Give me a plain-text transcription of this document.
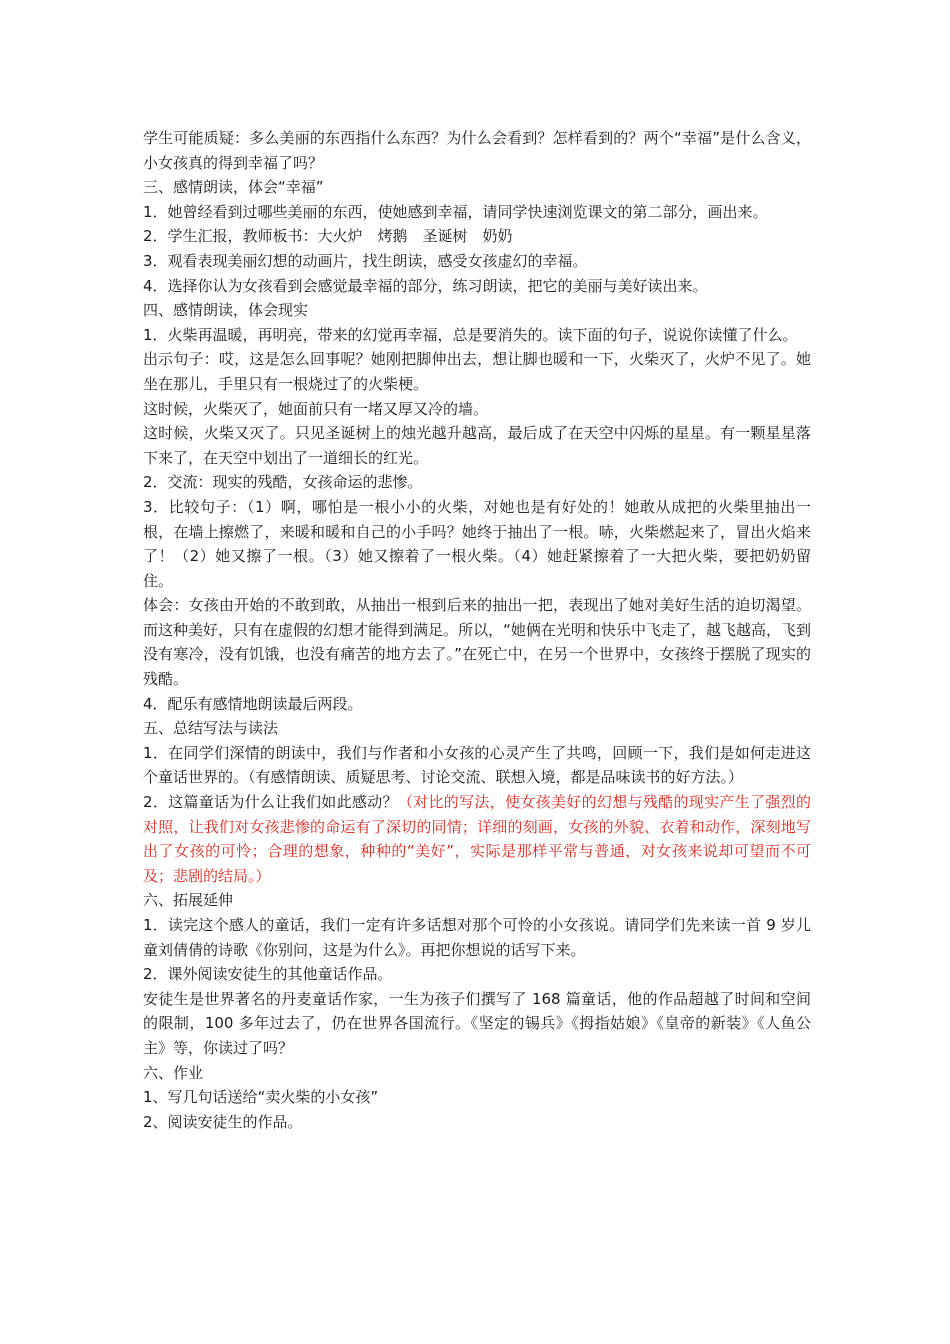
学生可能质疑：多么美丽的东西指什么东西？为什么会看到？怎样看到的？两个“幸福”是什么含义，小女孩真的得到幸福了吗？

三、感情朗读，体会“幸福”

1．她曾经看到过哪些美丽的东西，使她感到幸福，请同学快速浏览课文的第二部分，画出来。

2．学生汇报，教师板书：大火炉　烤鹅　圣诞树　奶奶

3．观看表现美丽幻想的动画片，找生朗读，感受女孩虚幻的幸福。

4．选择你认为女孩看到会感觉最幸福的部分，练习朗读，把它的美丽与美好读出来。

四、感情朗读，体会现实

1．火柴再温暖，再明亮，带来的幻觉再幸福，总是要消失的。读下面的句子，说说你读懂了什么。

出示句子：哎，这是怎么回事呢？她刚把脚伸出去，想让脚也暖和一下，火柴灭了，火炉不见了。她坐在那儿，手里只有一根烧过了的火柴梗。

这时候，火柴灭了，她面前只有一堵又厚又冷的墙。

这时候，火柴又灭了。只见圣诞树上的烛光越升越高，最后成了在天空中闪烁的星星。有一颗星星落下来了，在天空中划出了一道细长的红光。

2．交流：现实的残酷，女孩命运的悲惨。

3．比较句子：（1）啊，哪怕是一根小小的火柴，对她也是有好处的！她敢从成把的火柴里抽出一根，在墙上擦燃了，来暖和暖和自己的小手吗？她终于抽出了一根。哧，火柴燃起来了，冒出火焰来了！（2）她又擦了一根。（3）她又擦着了一根火柴。（4）她赶紧擦着了一大把火柴，要把奶奶留住。

体会：女孩由开始的不敢到敢，从抽出一根到后来的抽出一把，表现出了她对美好生活的迫切渴望。而这种美好，只有在虚假的幻想才能得到满足。所以，“她俩在光明和快乐中飞走了，越飞越高，飞到没有寒冷，没有饥饿，也没有痛苦的地方去了。”在死亡中，在另一个世界中，女孩终于摆脱了现实的残酷。

4．配乐有感情地朗读最后两段。

五、总结写法与读法

1．在同学们深情的朗读中，我们与作者和小女孩的心灵产生了共鸣，回顾一下，我们是如何走进这个童话世界的。（有感情朗读、质疑思考、讨论交流、联想入境，都是品味读书的好方法。）

2．这篇童话为什么让我们如此感动？（对比的写法，使女孩美好的幻想与残酷的现实产生了强烈的对照，让我们对女孩悲惨的命运有了深切的同情；详细的刻画，女孩的外貌、衣着和动作，深刻地写出了女孩的可怜；合理的想象，种种的“美好”，实际是那样平常与普通，对女孩来说却可望而不可及；悲剧的结局。）

六、拓展延伸

1．读完这个感人的童话，我们一定有许多话想对那个可怜的小女孩说。请同学们先来读一首 9 岁儿童刘倩倩的诗歌《你别问，这是为什么》。再把你想说的话写下来。

2．课外阅读安徒生的其他童话作品。

安徒生是世界著名的丹麦童话作家，一生为孩子们撰写了 168 篇童话，他的作品超越了时间和空间的限制，100 多年过去了，仍在世界各国流行。《坚定的锡兵》《拇指姑娘》《皇帝的新装》《人鱼公主》等，你读过了吗？

六、作业

1、写几句话送给“卖火柴的小女孩”

2、阅读安徒生的作品。
